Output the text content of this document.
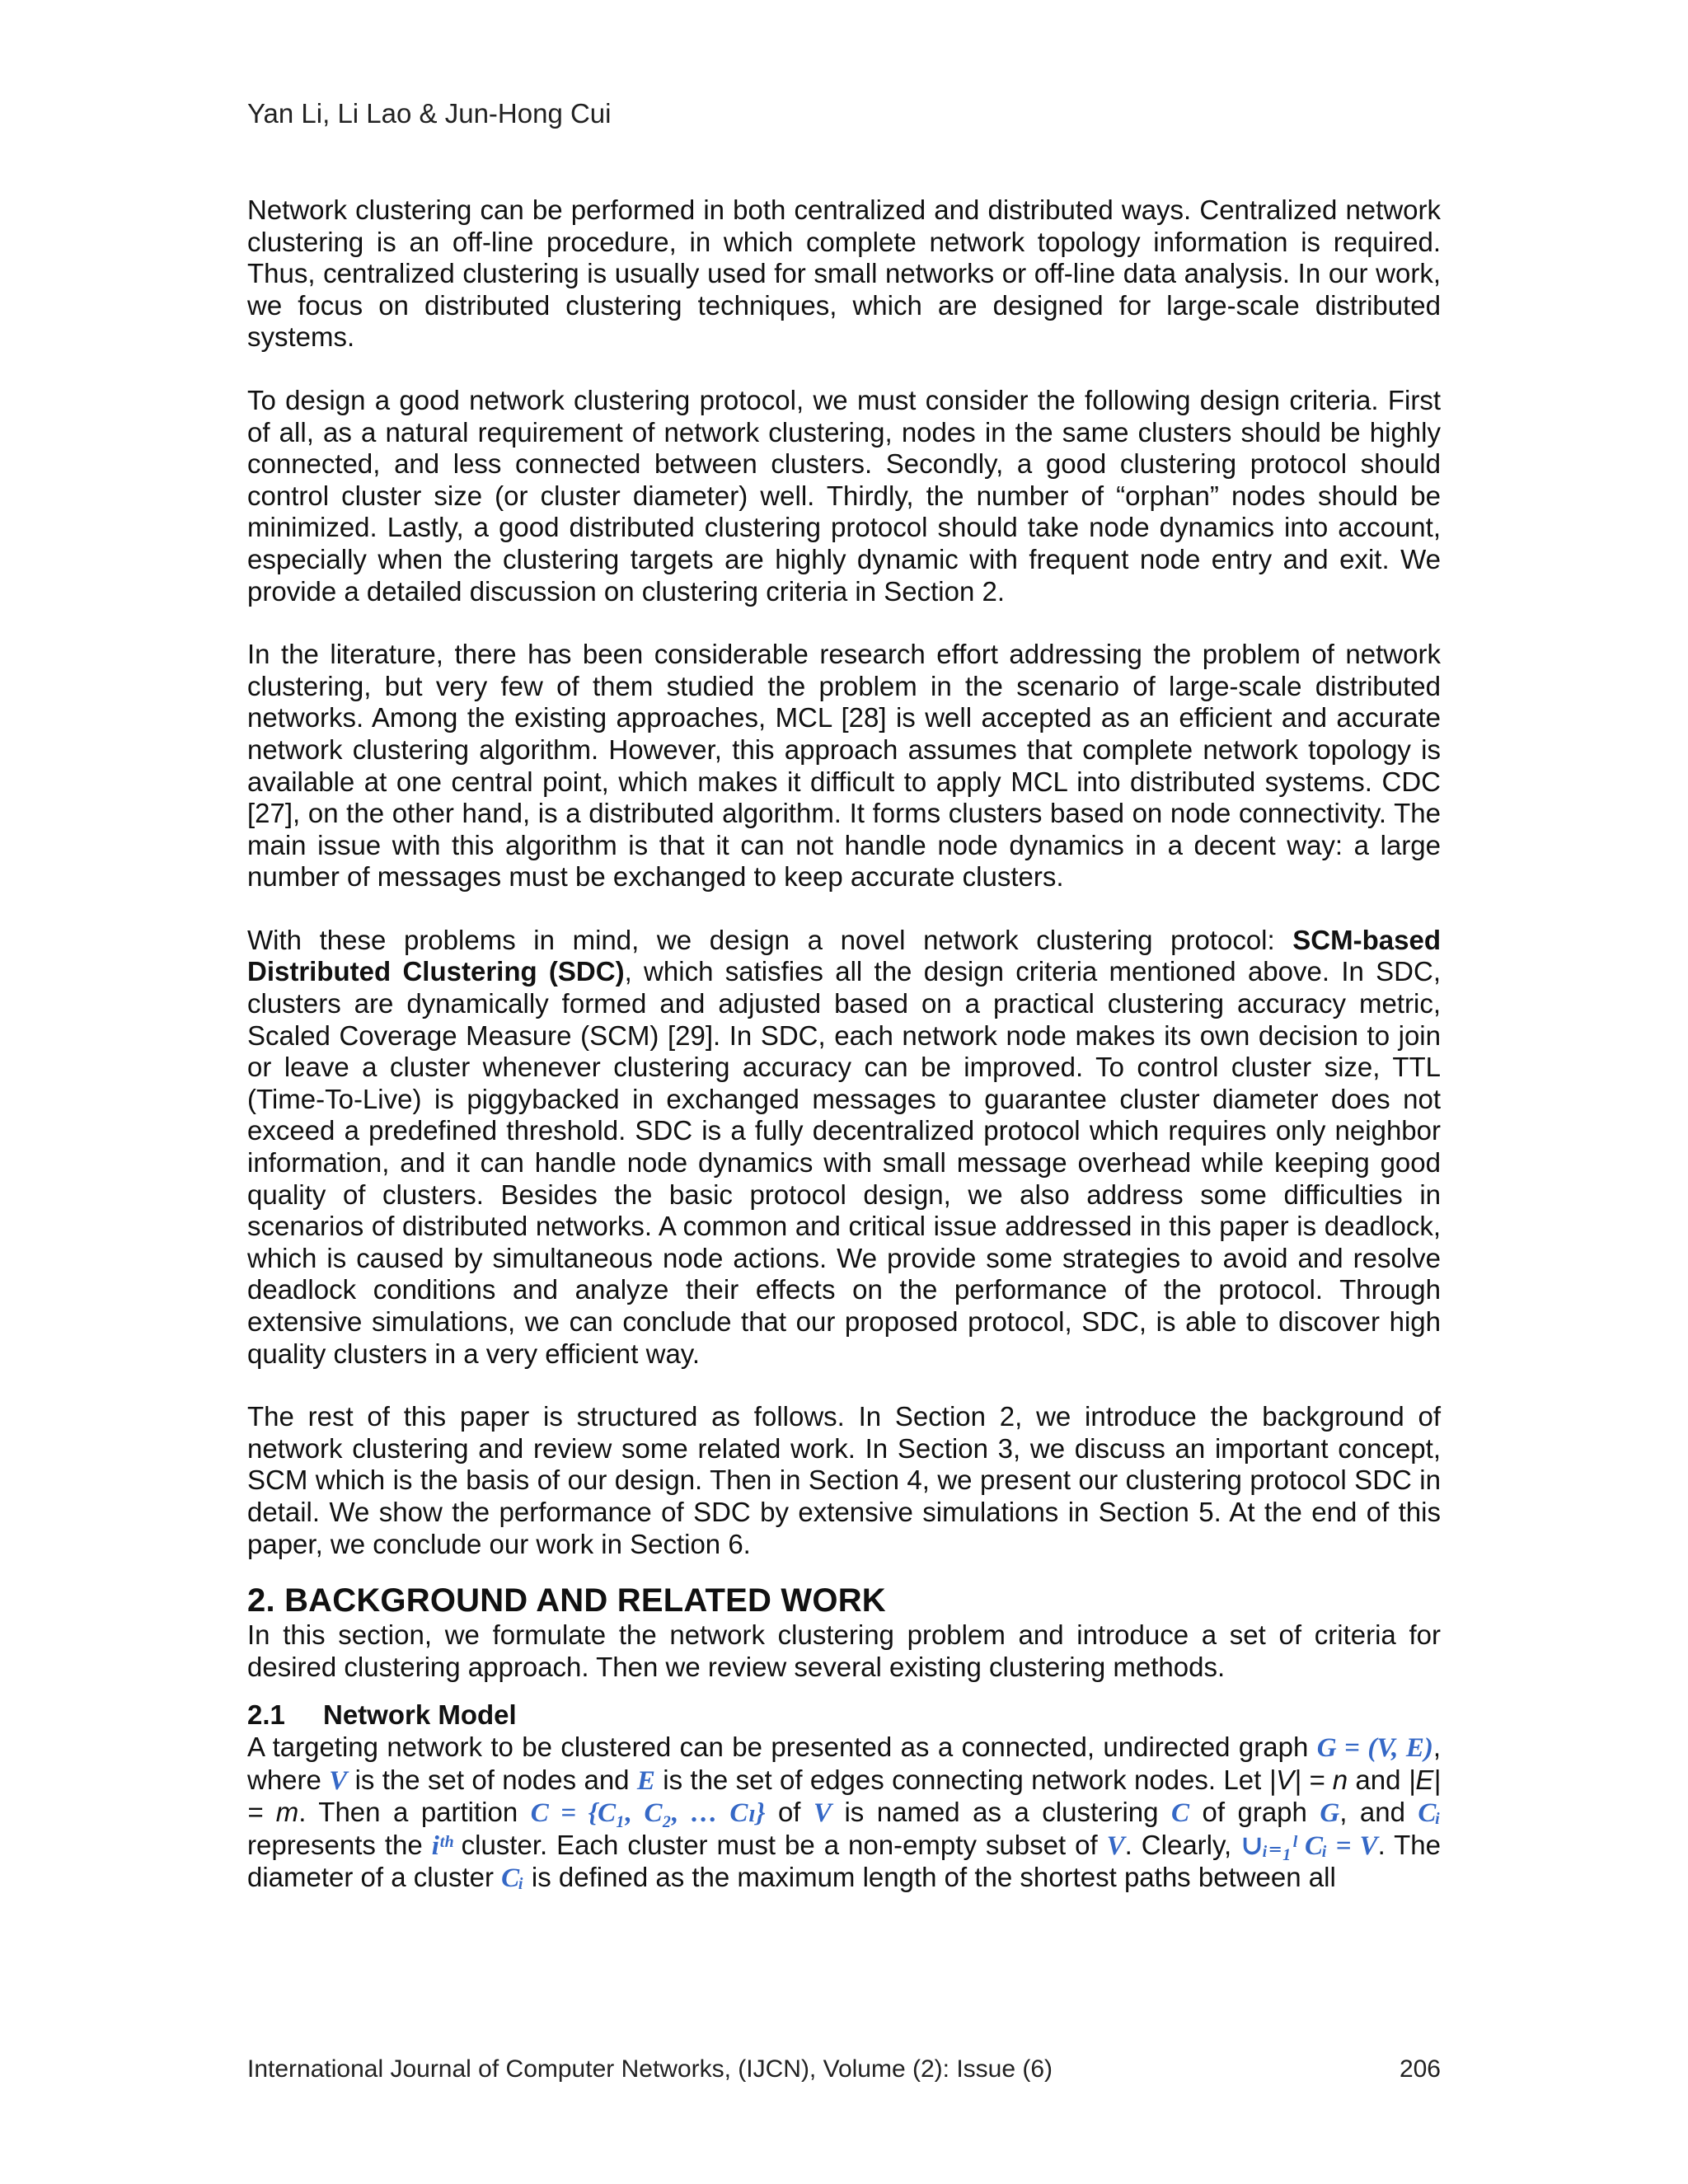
Yan Li, Li Lao & Jun-Hong Cui

Network clustering can be performed in both centralized and distributed ways. Centralized network clustering is an off-line procedure, in which complete network topology information is required. Thus, centralized clustering is usually used for small networks or off-line data analysis. In our work, we focus on distributed clustering techniques, which are designed for large-scale distributed systems.

To design a good network clustering protocol, we must consider the following design criteria. First of all, as a natural requirement of network clustering, nodes in the same clusters should be highly connected, and less connected between clusters. Secondly, a good clustering protocol should control cluster size (or cluster diameter) well. Thirdly, the number of “orphan” nodes should be minimized. Lastly, a good distributed clustering protocol should take node dynamics into account, especially when the clustering targets are highly dynamic with frequent node entry and exit. We provide a detailed discussion on clustering criteria in Section 2.

In the literature, there has been considerable research effort addressing the problem of network clustering, but very few of them studied the problem in the scenario of large-scale distributed networks. Among the existing approaches, MCL [28] is well accepted as an efficient and accurate network clustering algorithm. However, this approach assumes that complete network topology is available at one central point, which makes it difficult to apply MCL into distributed systems. CDC [27], on the other hand, is a distributed algorithm. It forms clusters based on node connectivity. The main issue with this algorithm is that it can not handle node dynamics in a decent way: a large number of messages must be exchanged to keep accurate clusters.

With these problems in mind, we design a novel network clustering protocol: SCM-based Distributed Clustering (SDC), which satisfies all the design criteria mentioned above. In SDC, clusters are dynamically formed and adjusted based on a practical clustering accuracy metric, Scaled Coverage Measure (SCM) [29]. In SDC, each network node makes its own decision to join or leave a cluster whenever clustering accuracy can be improved. To control cluster size, TTL (Time-To-Live) is piggybacked in exchanged messages to guarantee cluster diameter does not exceed a predefined threshold. SDC is a fully decentralized protocol which requires only neighbor information, and it can handle node dynamics with small message overhead while keeping good quality of clusters. Besides the basic protocol design, we also address some difficulties in scenarios of distributed networks. A common and critical issue addressed in this paper is deadlock, which is caused by simultaneous node actions. We provide some strategies to avoid and resolve deadlock conditions and analyze their effects on the performance of the protocol. Through extensive simulations, we can conclude that our proposed protocol, SDC, is able to discover high quality clusters in a very efficient way.

The rest of this paper is structured as follows. In Section 2, we introduce the background of network clustering and review some related work. In Section 3, we discuss an important concept, SCM which is the basis of our design. Then in Section 4, we present our clustering protocol SDC in detail. We show the performance of SDC by extensive simulations in Section 5. At the end of this paper, we conclude our work in Section 6.

2. BACKGROUND AND RELATED WORK

In this section, we formulate the network clustering problem and introduce a set of criteria for desired clustering approach. Then we review several existing clustering methods.

2.1 Network Model

A targeting network to be clustered can be presented as a connected, undirected graph G = (V, E), where V is the set of nodes and E is the set of edges connecting network nodes. Let |V| = n and |E| = m. Then a partition C = {C₁, C₂, … Cₗ} of V is named as a clustering C of graph G, and Cᵢ represents the iᵗʰ cluster. Each cluster must be a non-empty subset of V. Clearly, ∪ᵢ₌₁ˡ Cᵢ = V. The diameter of a cluster Cᵢ is defined as the maximum length of the shortest paths between all

International Journal of Computer Networks, (IJCN), Volume (2): Issue (6)	206
